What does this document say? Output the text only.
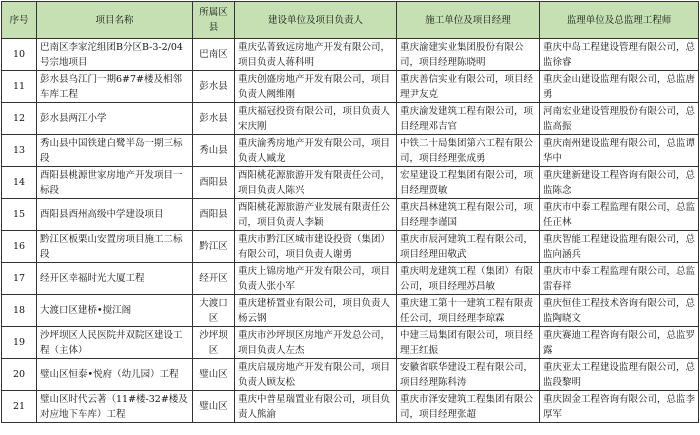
序号	项目名称	所属区县	建设单位及项目负责人	施工单位及项目经理	监理单位及总监理工程师
10	巴南区李家沱组团B分区B-3-2/04号宗地项目	巴南区	重庆弘菁致远房地产开发有限公司，项目负责人蒋科明	重庆渝建实业集团股份有限公司，项目经理陈晓明	重庆中岛工程建设管理有限公司，总监徐睿
11	彭水县乌江门一期6#7#楼及相邻车库工程	彭水县	重庆创盛房地产开发有限公司，项目负责人阙维刚	重庆善信实业有限公司，项目经理尹友克	重庆金山建设监理有限公司，总监唐勇
12	彭水县两江小学	彭水县	重庆福冠投资有限公司，项目负责人宋庆刚	重庆渝发建筑工程有限公司，项目经理邓吉官	河南宏业建设管理股份有限公司，总监高振
13	秀山县中国铁建白鹭半岛一期三标段	秀山县	重庆渝秀房地产开发有限公司，项目负责人臧龙	中铁二十局集团第六工程有限公司，项目经理张成勇	重庆南州建设监理有限公司，总监谭华中
14	酉阳县桃源世家房地产开发项目一标段	酉阳县	酉阳桃花源旅游开发有限责任公司，项目负责人陈兴	宏星建设工程集团有限公司，项目经理贾敏	重庆建新建设工程咨询有限公司，总监陈念
15	酉阳县酉州高级中学建设项目	酉阳县	酉阳桃花源旅游产业发展有限责任公司，项目负责人李颖	重庆昌林建筑工程有限公司，项目经理李谨国	重庆市中泰工程监理有限公司，总监任正林
16	黔江区板栗山安置房项目施工二标段	黔江区	重庆市黔江区城市建设投资（集团）有限公司，项目负责人谢勇	重庆市辰河建筑工程有限公司，项目经理田敬武	重庆智能工程建设监理有限公司，总监向涵兵
17	经开区幸福时光大厦工程	经开区	重庆上锦房地产开发有限公司，项目负责人张小军	重庆明龙建筑工程（集团）有限公司，项目经理苏昌敏	重庆市中泰工程监理有限公司，总监雷春祥
18	大渡口区建桥•搅江阁	大渡口区	重庆建桥置业有限公司，项目负责人杨云钢	重庆建工第十一建筑工程有限责任公司，项目经理李琼霖	重庆恒佳工程技术咨询有限公司，总监陶晓文
19	沙坪坝区人民医院井双院区建设工程（主体）	沙坪坝区	重庆市沙坪坝区房地产开发总公司，项目负责人左杰	中建三局集团有限公司，项目经理王红振	重庆赛迪工程咨询有限公司，总监罗露
20	璧山区恒泰•悦府（幼儿园）工程	璧山区	重庆启晟房地产开发有限公司，项目负责人顾友松	安徽省联华建设工程有限公司，项目经理陈科涛	重庆亚太工程建设监理有限公司，总监段黎明
21	璧山区时代云著（11#楼-32#楼及对应地下车库）工程	璧山区	重庆中普星瑞置业有限公司，项目负责人熊渝	重庆市泽安建筑工程集团有限公司，项目经理张超	重庆固金工程咨询有限公司，总监李厚军
